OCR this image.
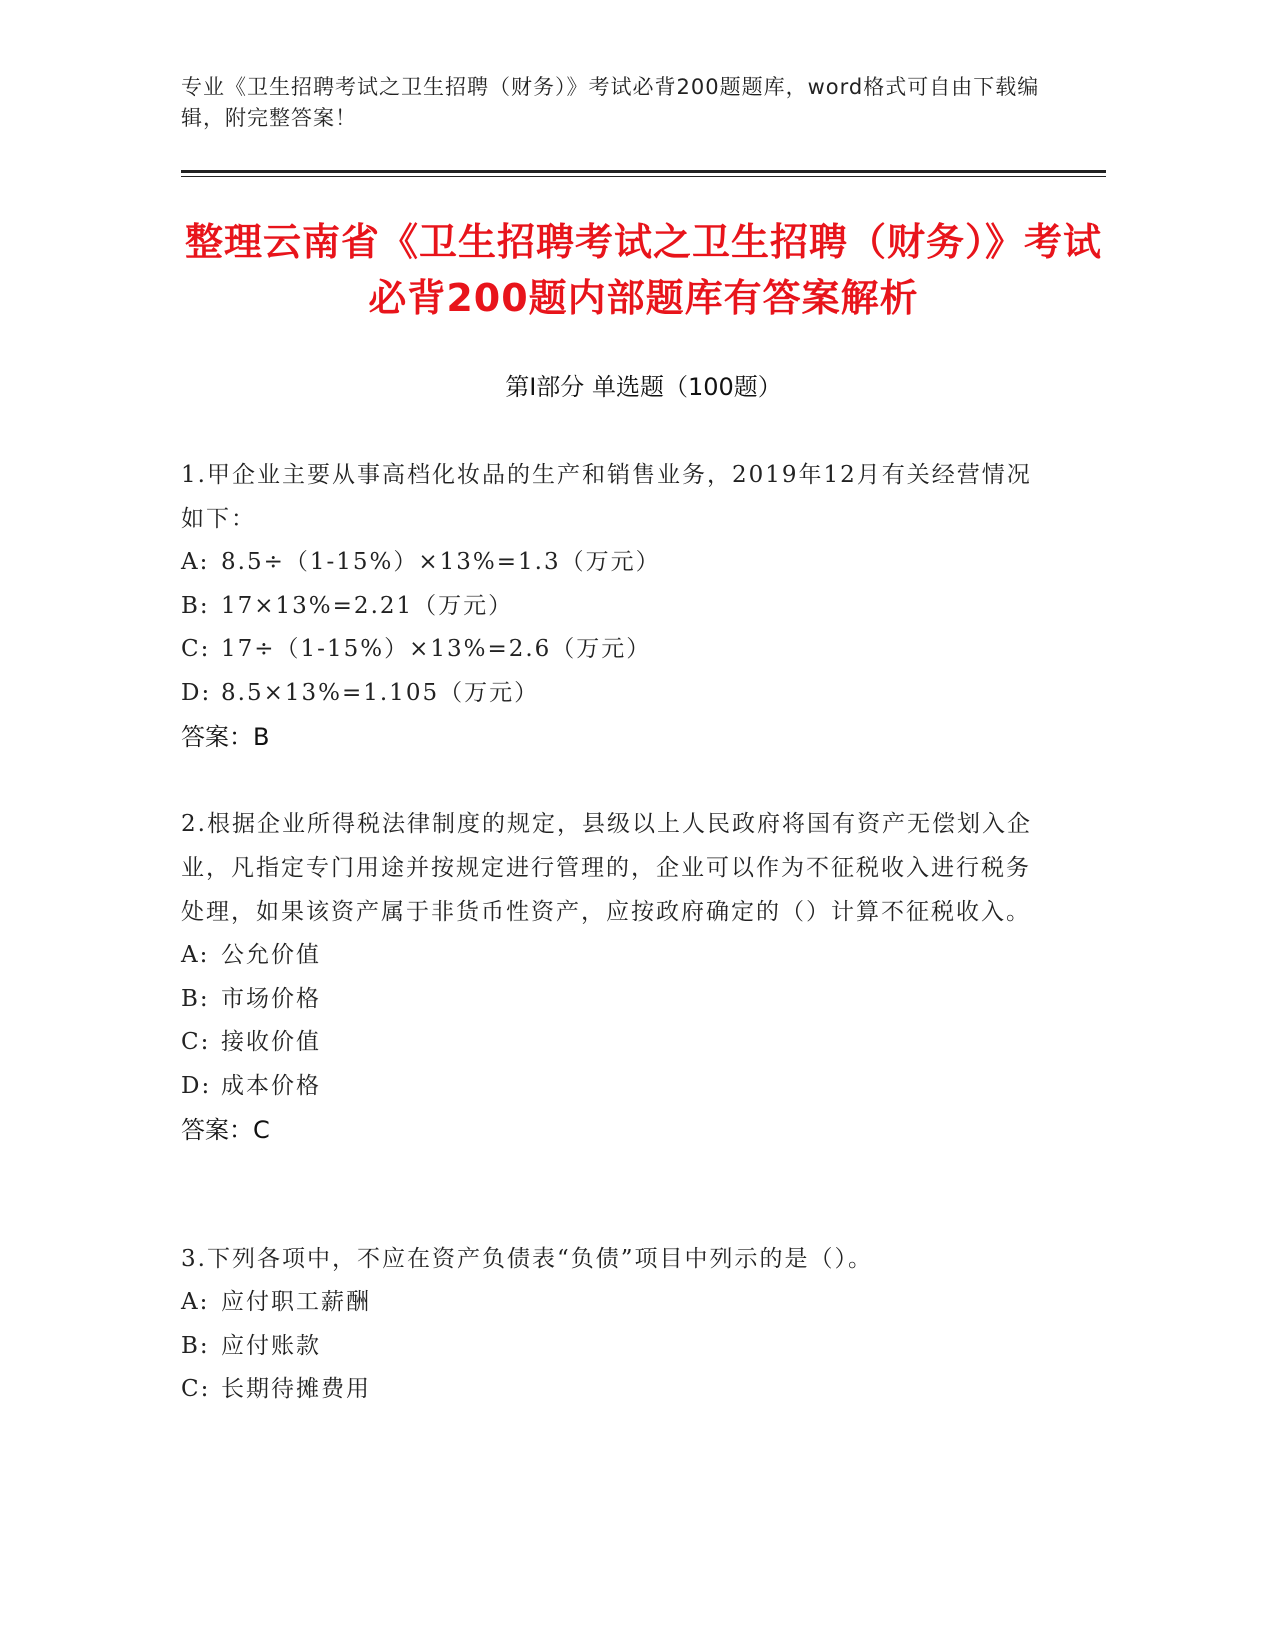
专业《卫生招聘考试之卫生招聘（财务）》考试必背200题题库，word格式可自由下载编辑，附完整答案！
整理云南省《卫生招聘考试之卫生招聘（财务）》考试必背200题内部题库有答案解析
第Ⅰ部分 单选题（100题）
1.甲企业主要从事高档化妆品的生产和销售业务，2019年12月有关经营情况如下：
A: 8.5÷（1-15%）×13%=1.3（万元）
B: 17×13%=2.21（万元）
C: 17÷（1-15%）×13%=2.6（万元）
D: 8.5×13%=1.105（万元）
答案：B
2.根据企业所得税法律制度的规定，县级以上人民政府将国有资产无偿划入企业，凡指定专门用途并按规定进行管理的，企业可以作为不征税收入进行税务处理，如果该资产属于非货币性资产，应按政府确定的（）计算不征税收入。
A: 公允价值
B: 市场价格
C: 接收价值
D: 成本价格
答案：C
3.下列各项中，不应在资产负债表“负债”项目中列示的是（）。
A: 应付职工薪酬
B: 应付账款
C: 长期待摊费用
